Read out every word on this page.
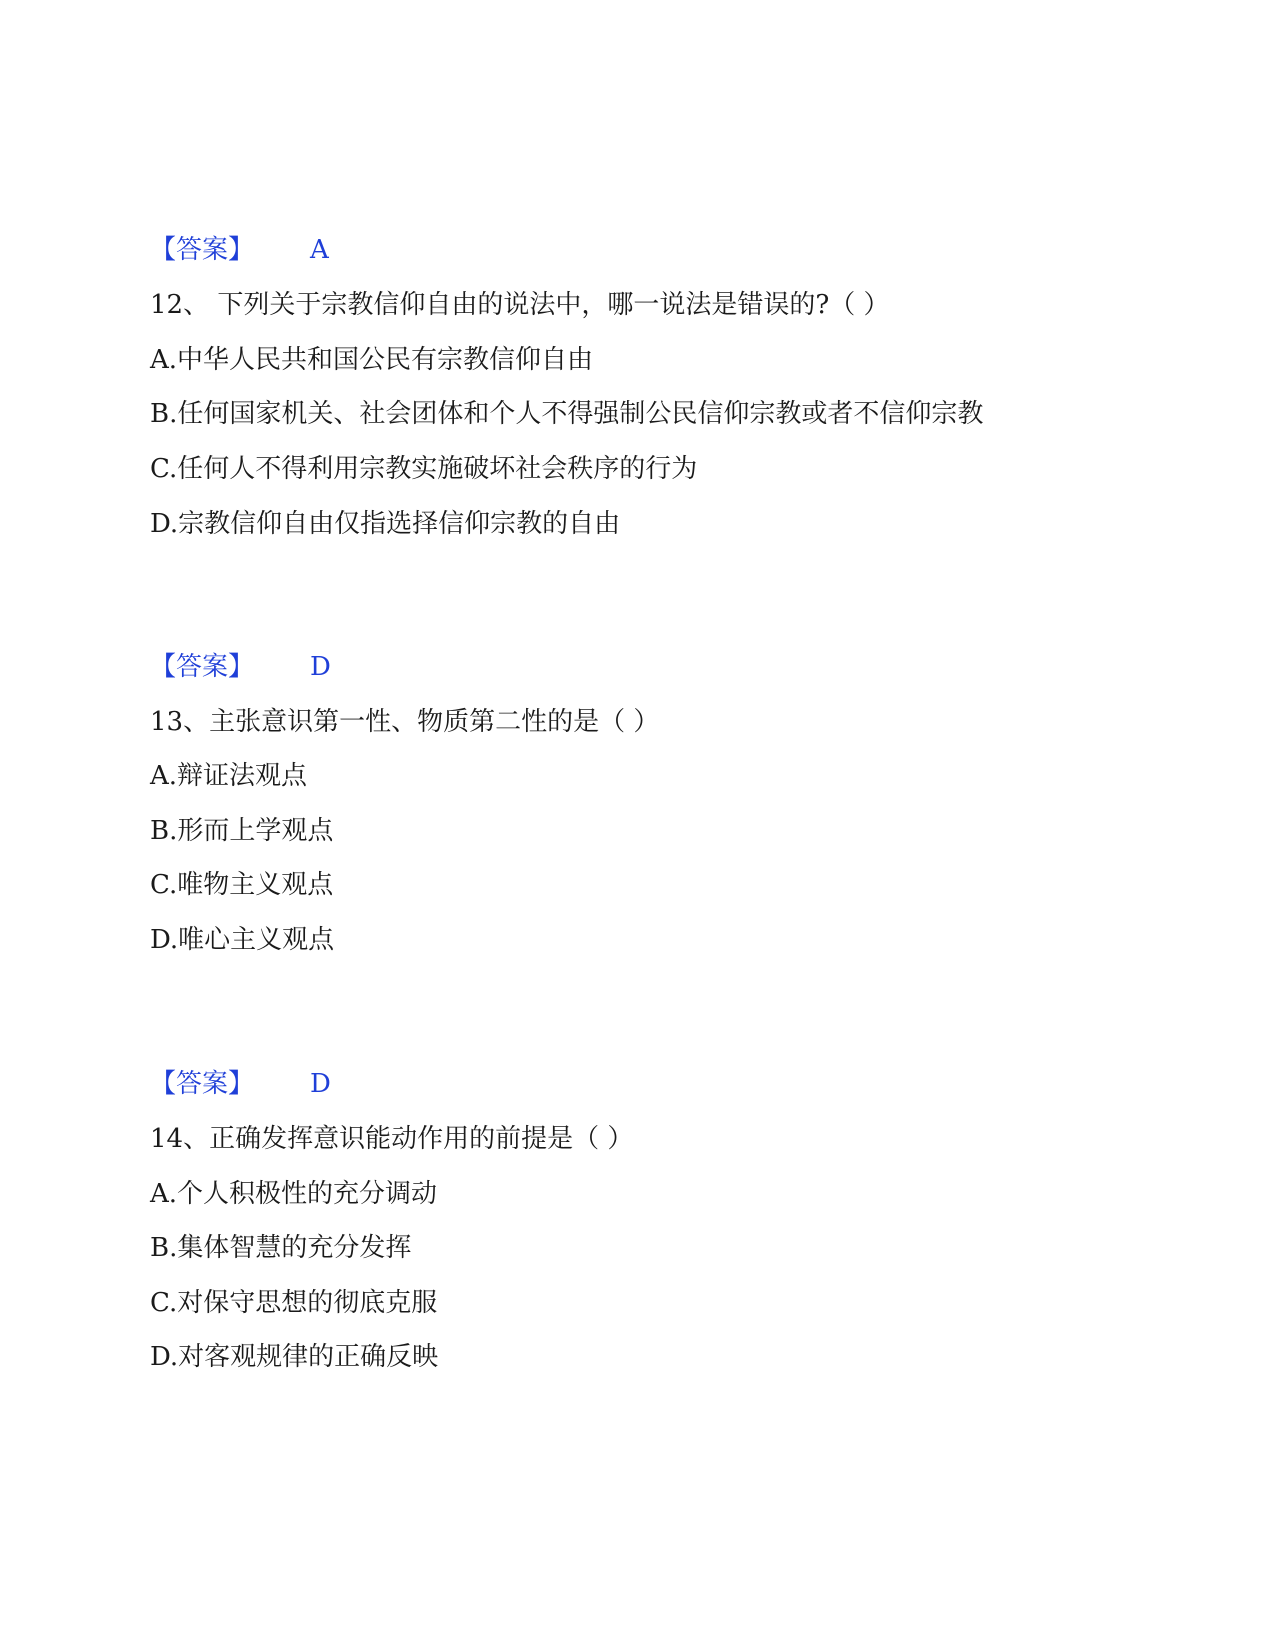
【答案】 A
12、 下列关于宗教信仰自由的说法中，哪一说法是错误的?（ ）
A.中华人民共和国公民有宗教信仰自由
B.任何国家机关、社会团体和个人不得强制公民信仰宗教或者不信仰宗教
C.任何人不得利用宗教实施破坏社会秩序的行为
D.宗教信仰自由仅指选择信仰宗教的自由
【答案】 D
13、主张意识第一性、物质第二性的是（ ）
A.辩证法观点
B.形而上学观点
C.唯物主义观点
D.唯心主义观点
【答案】 D
14、正确发挥意识能动作用的前提是（ ）
A.个人积极性的充分调动
B.集体智慧的充分发挥
C.对保守思想的彻底克服
D.对客观规律的正确反映
